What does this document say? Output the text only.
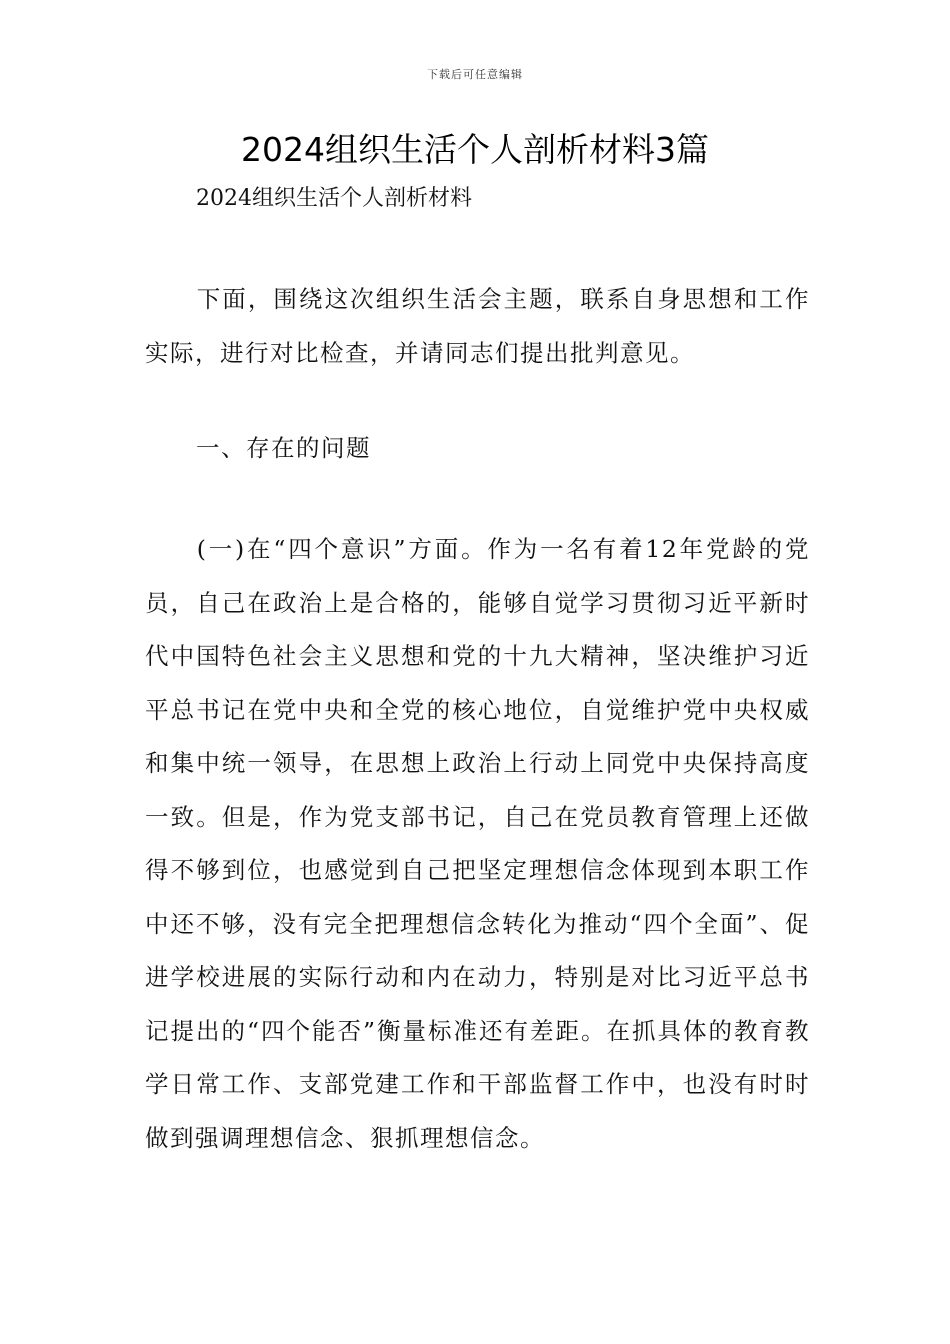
下载后可任意编辑
2024组织生活个人剖析材料3篇
2024组织生活个人剖析材料

下面，围绕这次组织生活会主题，联系自身思想和工作实际，进行对比检查，并请同志们提出批判意见。

一、存在的问题

(一)在“四个意识”方面。作为一名有着12年党龄的党员，自己在政治上是合格的，能够自觉学习贯彻习近平新时代中国特色社会主义思想和党的十九大精神，坚决维护习近平总书记在党中央和全党的核心地位，自觉维护党中央权威和集中统一领导，在思想上政治上行动上同党中央保持高度一致。但是，作为党支部书记，自己在党员教育管理上还做得不够到位，也感觉到自己把坚定理想信念体现到本职工作中还不够，没有完全把理想信念转化为推动“四个全面”、促进学校进展的实际行动和内在动力，特别是对比习近平总书记提出的“四个能否”衡量标准还有差距。在抓具体的教育教学日常工作、支部党建工作和干部监督工作中，也没有时时做到强调理想信念、狠抓理想信念。
